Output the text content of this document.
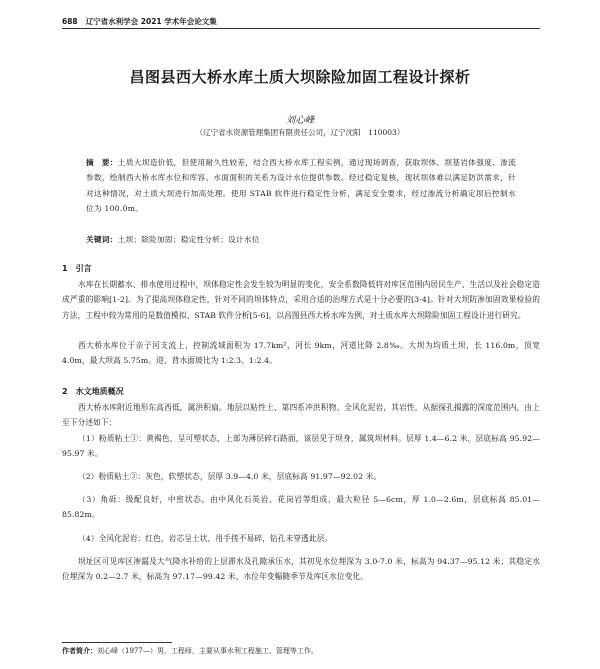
688 辽宁省水利学会 2021 学术年会论文集
昌图县西大桥水库土质大坝除险加固工程设计探析
刘心峰
（辽宁省水资源管理集团有限责任公司，辽宁沈阳　110003）

摘　要：土质大坝造价低，但使用耐久性较差，结合西大桥水库工程实例，通过现场调查，获取坝体、坝基岩体强度、渗流参数，绘制西大桥水库水位和库容、水面面积的关系为设计水位提供参数。经过稳定复核，现状坝体难以满足防洪需求，针对这种情况，对土质大坝进行加高处理。使用 STAB 软件进行稳定性分析，满足安全要求，经过渗流分析确定坝后控制水位为 100.0m。

关键词：土坝；除险加固；稳定性分析；设计水位

1　引言

水库在长期蓄水、排水使用过程中，坝体稳定性会发生较为明显的变化，安全系数降低将对库区范围内居民生产、生活以及社会稳定造成严重的影响[1-2]。为了提高坝体稳定性，针对不同的坝体特点，采用合适的治理方式是十分必要的[3-4]。针对大坝防渗加固效果检验的方法，工程中较为常用的是数值模拟、STAB 软件分析[5-6]，以昌图县西大桥水库为例，对土质水库大坝除险加固工程设计进行研究。

西大桥水库位于亲子河支流上，控制流域面积为 17.7km²，河长 9km，河道比降 2.8‰。大坝为均质土坝，长 116.0m，顶宽 4.0m，最大坝高 5.75m。迎、背水面坡比为 1:2.3、1:2.4。

2　水文地质概况

西大桥水库附近地形东高西低，属洪积扇。地层以粘性土、第四系冲洪积物、全风化泥岩，其岩性，从据探孔揭露的深度范围内，由上至下分述如下：

（1）粉质粘土①：黄褐色，呈可塑状态，上部为薄层碎石路面，该层见于坝身，属筑坝材料。层厚 1.4—6.2 米，层底标高 95.92—95.97 米。

（2）粉质粘土②：灰色，软塑状态，层厚 3.9—4.0 米，层底标高 91.97—92.02 米。

（3）角砾：级配良好，中密状态，由中风化石英岩、花岗岩等组成，最大粒径 5—6cm，厚 1.0—2.6m，层底标高 85.01—85.82m。

（4）全风化泥岩：红色，岩芯呈土状，用手搓不易碎，钻孔未穿透此层。

坝址区可见库区渗漏及大气降水补给的上层滞水及孔隙承压水，其初见水位埋深为 3.0-7.0 米，标高为 94.37—95.12 米；其稳定水位埋深为 0.2—2.7 米，标高为 97.17—99.42 米，水位年变幅随季节及库区水位变化。

作者简介：刘心峰（1977—）男，工程师，主要从事水利工程施工、管理等工作。
